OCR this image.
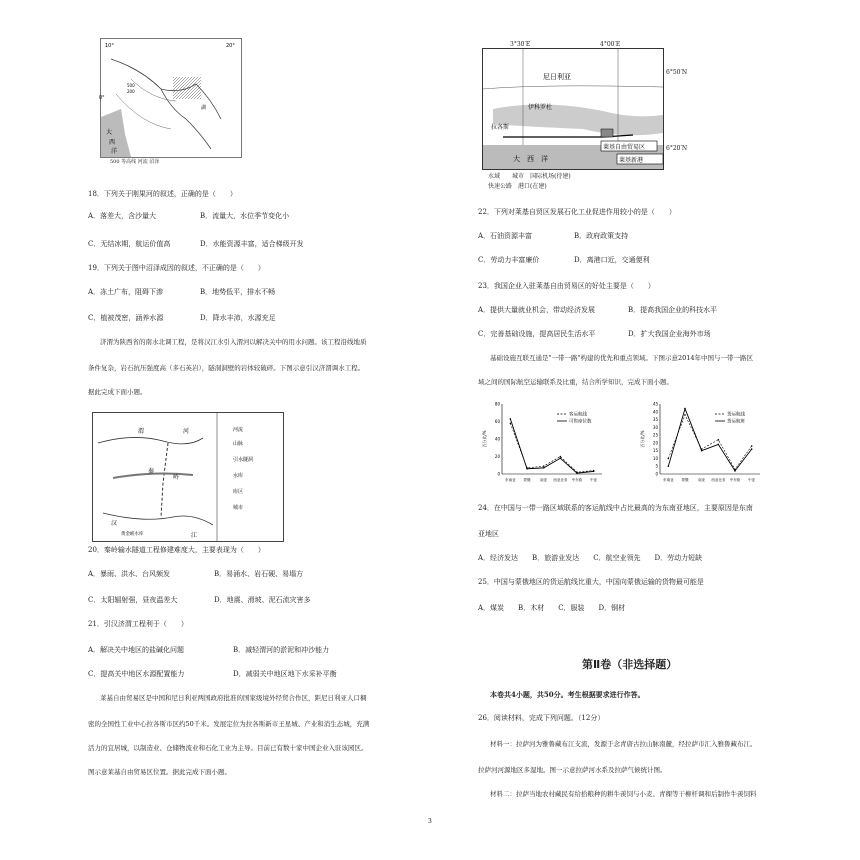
10°	20°
500
200
湖
大
西
洋
0°
500 等高线 河流 沼泽
18．下列关于刚果河的叙述，正确的是（　　）
A．落差大，含沙量大	B．流量大，水位季节变化小
C．无结冰期，航运价值高	D．水能资源丰富，适合梯级开发
19．下列关于图中沼泽成因的叙述，不正确的是（　　）
A．冻土广布，阻碍下渗	B．地势低平，排水不畅
C．植被茂密，涵养水源	D．降水丰沛，水源充足
济渭为陕西省的南水北调工程，是将汉江水引入渭河以解决关中的用水问题。该工程沿线地质
条件复杂，岩石抗压强度高（多石英岩），隧洞洞壁的岩体较破碎。下图示意引汉济渭调水工程。
据此完成下面小题。
渭	河
秦
岭
汉
江
黄金峡水库
河流
山脉
引水隧洞
水库
库区
城市
20．秦岭输水隧道工程修建难度大，主要表现为（　　）
A．暴雨、洪水、台风频发	B．易涌水、岩石硬、易塌方
C．太阳辐射强，昼夜温差大	D．地震、滑坡、泥石流灾害多
21．引汉济渭工程利于（　　）
A．解决关中地区的盐碱化问题	B．减轻渭河的淤泥和冲沙能力
C．提高关中地区水源配置能力	D．减弱关中地区地下水采补平衡
莱基自由贸易区是中国和尼日利亚两国政府批准的国家级境外经贸合作区，距尼日利亚人口稠
密的全国性工业中心拉各斯市区约50千米。发展定位为拉各斯新市王星城、产业和消生态城，充满
活力的宜居城，以制造业、仓储物流业和石化工业为主导。目前已有数十家中国企业入驻该园区。
图示意莱基自由贸易区位置。据此完成下面小题。
尼日利亚
伊科罗杜
拉各斯
莱基自由贸易区
莱基新港
大　西　洋
3°30′E	4°00′E
6°50′N
6°20′N
水域　　 城市　 国际机场(待建)
快速公路　 港口(在建)
22．下列对莱基自贸区发展石化工业促进作用较小的是（　　）
A．石油资源丰富	B．政府政策支持
C．劳动力丰富廉价	D．离港口近，交通便利
23．我国企业入驻莱基自由贸易区的好处主要是（　　）
A．提供大量就业机会，带动经济发展	B．提高我国企业的科技水平
C．完善基础设施，提高居民生活水平	D．扩大我国企业海外市场
基础设施互联互通是"一带一路"构建的优先和重点领域。下图示意2014年中国与一带一路区
域之间的国际航空运输联系及比重，结合所学知识，完成下面小题。
0
20
40
60
80
百分比/%
东南亚 蒙俄	南亚 西亚北非 中东欧 中亚
客运航线
可售座位数
0
5
10
15
20
25
30
35
40
45
百分比/%
东南亚 蒙俄	南亚 西亚北非 中东欧 中亚
货运航线
货运航班
24．在中国与一带一路区域联系的客运航线中占比最高的为东南亚地区，主要原因是东南
亚地区
A．经济发达　　B．旅游业发达　　C．航空业领先　　D．劳动力短缺
25．中国与蒙俄地区的货运航线比重大，中国向蒙俄运输的货物最可能是
A．煤炭　　B．木材　　C．服装　　D．钢材
第Ⅱ卷（非选择题）
本卷共4小题，共50分。考生根据要求进行作答。
26．阅读材料，完成下列问题。（12分）
材料一：拉萨河为雅鲁藏布江支流，发源于念青唐古拉山脉南麓，经拉萨市汇入雅鲁藏布江。
拉萨河河源地区多湿地。图一示意拉萨河水系及拉萨气候统计图。
材料二：拉萨当地农村藏民有给拾粮种的耕牛羡饲与小麦、青稞等干柳杆调和后制作牛羡饲料
3
